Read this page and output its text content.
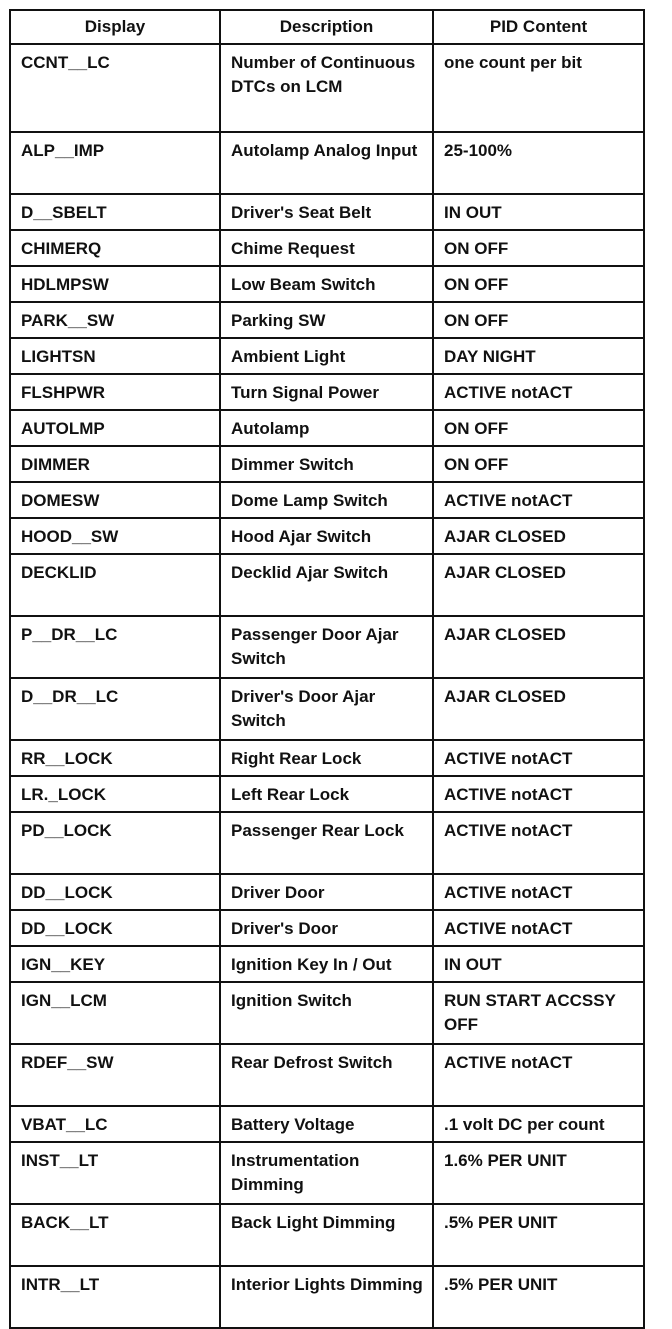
Display	Description	PID Content
CCNT__LC	Number of Continuous DTCs on LCM	one count per bit
ALP__IMP	Autolamp Analog Input	25-100%
D__SBELT	Driver's Seat Belt	IN OUT
CHIMERQ	Chime Request	ON OFF
HDLMPSW	Low Beam Switch	ON OFF
PARK__SW	Parking SW	ON OFF
LIGHTSN	Ambient Light	DAY NIGHT
FLSHPWR	Turn Signal Power	ACTIVE notACT
AUTOLMP	Autolamp	ON OFF
DIMMER	Dimmer Switch	ON OFF
DOMESW	Dome Lamp Switch	ACTIVE notACT
HOOD__SW	Hood Ajar Switch	AJAR CLOSED
DECKLID	Decklid Ajar Switch	AJAR CLOSED
P__DR__LC	Passenger Door Ajar Switch	AJAR CLOSED
D__DR__LC	Driver's Door Ajar Switch	AJAR CLOSED
RR__LOCK	Right Rear Lock	ACTIVE notACT
LR._LOCK	Left Rear Lock	ACTIVE notACT
PD__LOCK	Passenger Rear Lock	ACTIVE notACT
DD__LOCK	Driver Door	ACTIVE notACT
DD__LOCK	Driver's Door	ACTIVE notACT
IGN__KEY	Ignition Key In / Out	IN OUT
IGN__LCM	Ignition Switch	RUN START ACCSSY OFF
RDEF__SW	Rear Defrost Switch	ACTIVE notACT
VBAT__LC	Battery Voltage	.1 volt DC per count
INST__LT	Instrumentation Dimming	1.6% PER UNIT
BACK__LT	Back Light Dimming	.5% PER UNIT
INTR__LT	Interior Lights Dimming	.5% PER UNIT
